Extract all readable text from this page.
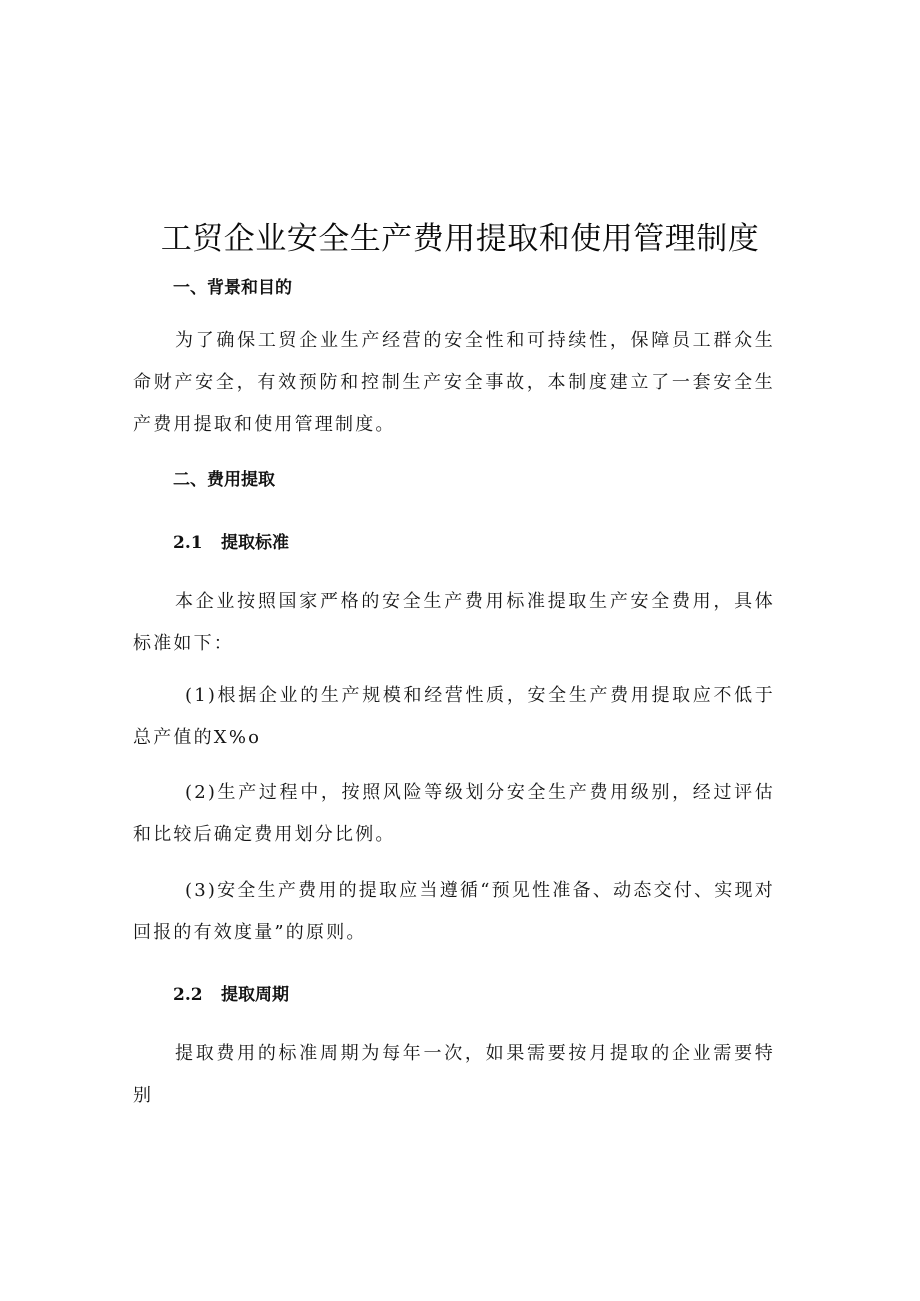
工贸企业安全生产费用提取和使用管理制度
一、背景和目的
为了确保工贸企业生产经营的安全性和可持续性，保障员工群众生命财产安全，有效预防和控制生产安全事故，本制度建立了一套安全生产费用提取和使用管理制度。
二、费用提取
2.1 提取标准
本企业按照国家严格的安全生产费用标准提取生产安全费用，具体标准如下：
(1)根据企业的生产规模和经营性质，安全生产费用提取应不低于总产值的X%o
(2)生产过程中，按照风险等级划分安全生产费用级别，经过评估和比较后确定费用划分比例。
(3)安全生产费用的提取应当遵循“预见性准备、动态交付、实现对回报的有效度量”的原则。
2.2 提取周期
提取费用的标准周期为每年一次，如果需要按月提取的企业需要特别
